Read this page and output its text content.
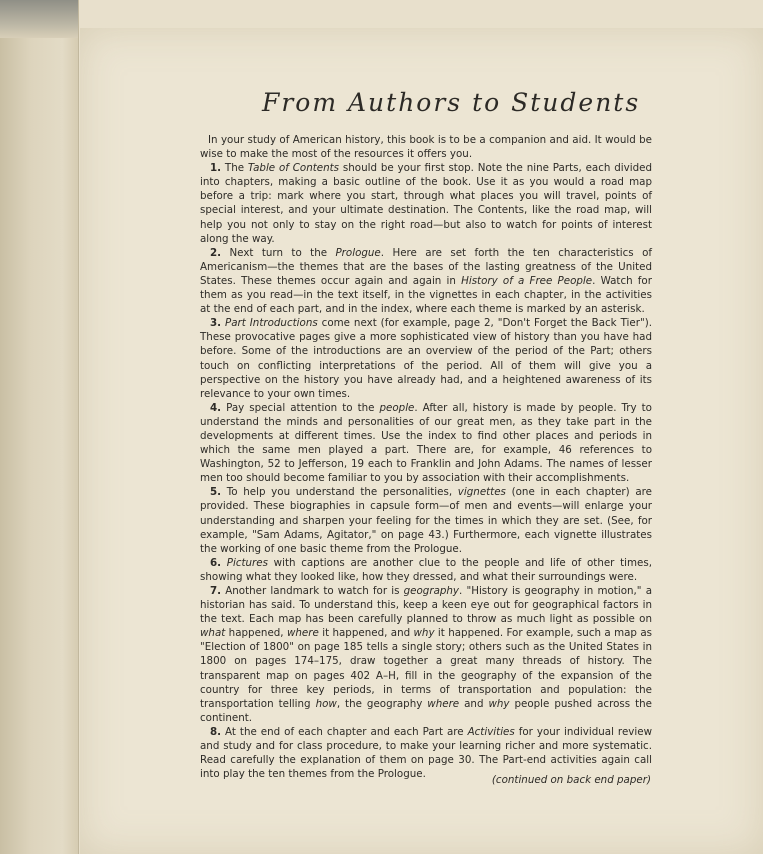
From Authors to Students

In your study of American history, this book is to be a companion and aid. It would be wise to make the most of the resources it offers you.

1. The Table of Contents should be your first stop. Note the nine Parts, each divided into chapters, making a basic outline of the book. Use it as you would a road map before a trip: mark where you start, through what places you will travel, points of special interest, and your ultimate destination. The Contents, like the road map, will help you not only to stay on the right road—but also to watch for points of interest along the way.

2. Next turn to the Prologue. Here are set forth the ten characteristics of Americanism—the themes that are the bases of the lasting greatness of the United States. These themes occur again and again in History of a Free People. Watch for them as you read—in the text itself, in the vignettes in each chapter, in the activities at the end of each part, and in the index, where each theme is marked by an asterisk.

3. Part Introductions come next (for example, page 2, "Don't Forget the Back Tier"). These provocative pages give a more sophisticated view of history than you have had before. Some of the introductions are an overview of the period of the Part; others touch on conflicting interpretations of the period. All of them will give you a perspective on the history you have already had, and a heightened awareness of its relevance to your own times.

4. Pay special attention to the people. After all, history is made by people. Try to understand the minds and personalities of our great men, as they take part in the developments at different times. Use the index to find other places and periods in which the same men played a part. There are, for example, 46 references to Washington, 52 to Jefferson, 19 each to Franklin and John Adams. The names of lesser men too should become familiar to you by association with their accomplishments.

5. To help you understand the personalities, vignettes (one in each chapter) are provided. These biographies in capsule form—of men and events—will enlarge your understanding and sharpen your feeling for the times in which they are set. (See, for example, "Sam Adams, Agitator," on page 43.) Furthermore, each vignette illustrates the working of one basic theme from the Prologue.

6. Pictures with captions are another clue to the people and life of other times, showing what they looked like, how they dressed, and what their surroundings were.

7. Another landmark to watch for is geography. "History is geography in motion," a historian has said. To understand this, keep a keen eye out for geographical factors in the text. Each map has been carefully planned to throw as much light as possible on what happened, where it happened, and why it happened. For example, such a map as "Election of 1800" on page 185 tells a single story; others such as the United States in 1800 on pages 174–175, draw together a great many threads of history. The transparent map on pages 402 A–H, fill in the geography of the expansion of the country for three key periods, in terms of transportation and population: the transportation telling how, the geography where and why people pushed across the continent.

8. At the end of each chapter and each Part are Activities for your individual review and study and for class procedure, to make your learning richer and more systematic. Read carefully the explanation of them on page 30. The Part-end activities again call into play the ten themes from the Prologue.	(continued on back end paper)
